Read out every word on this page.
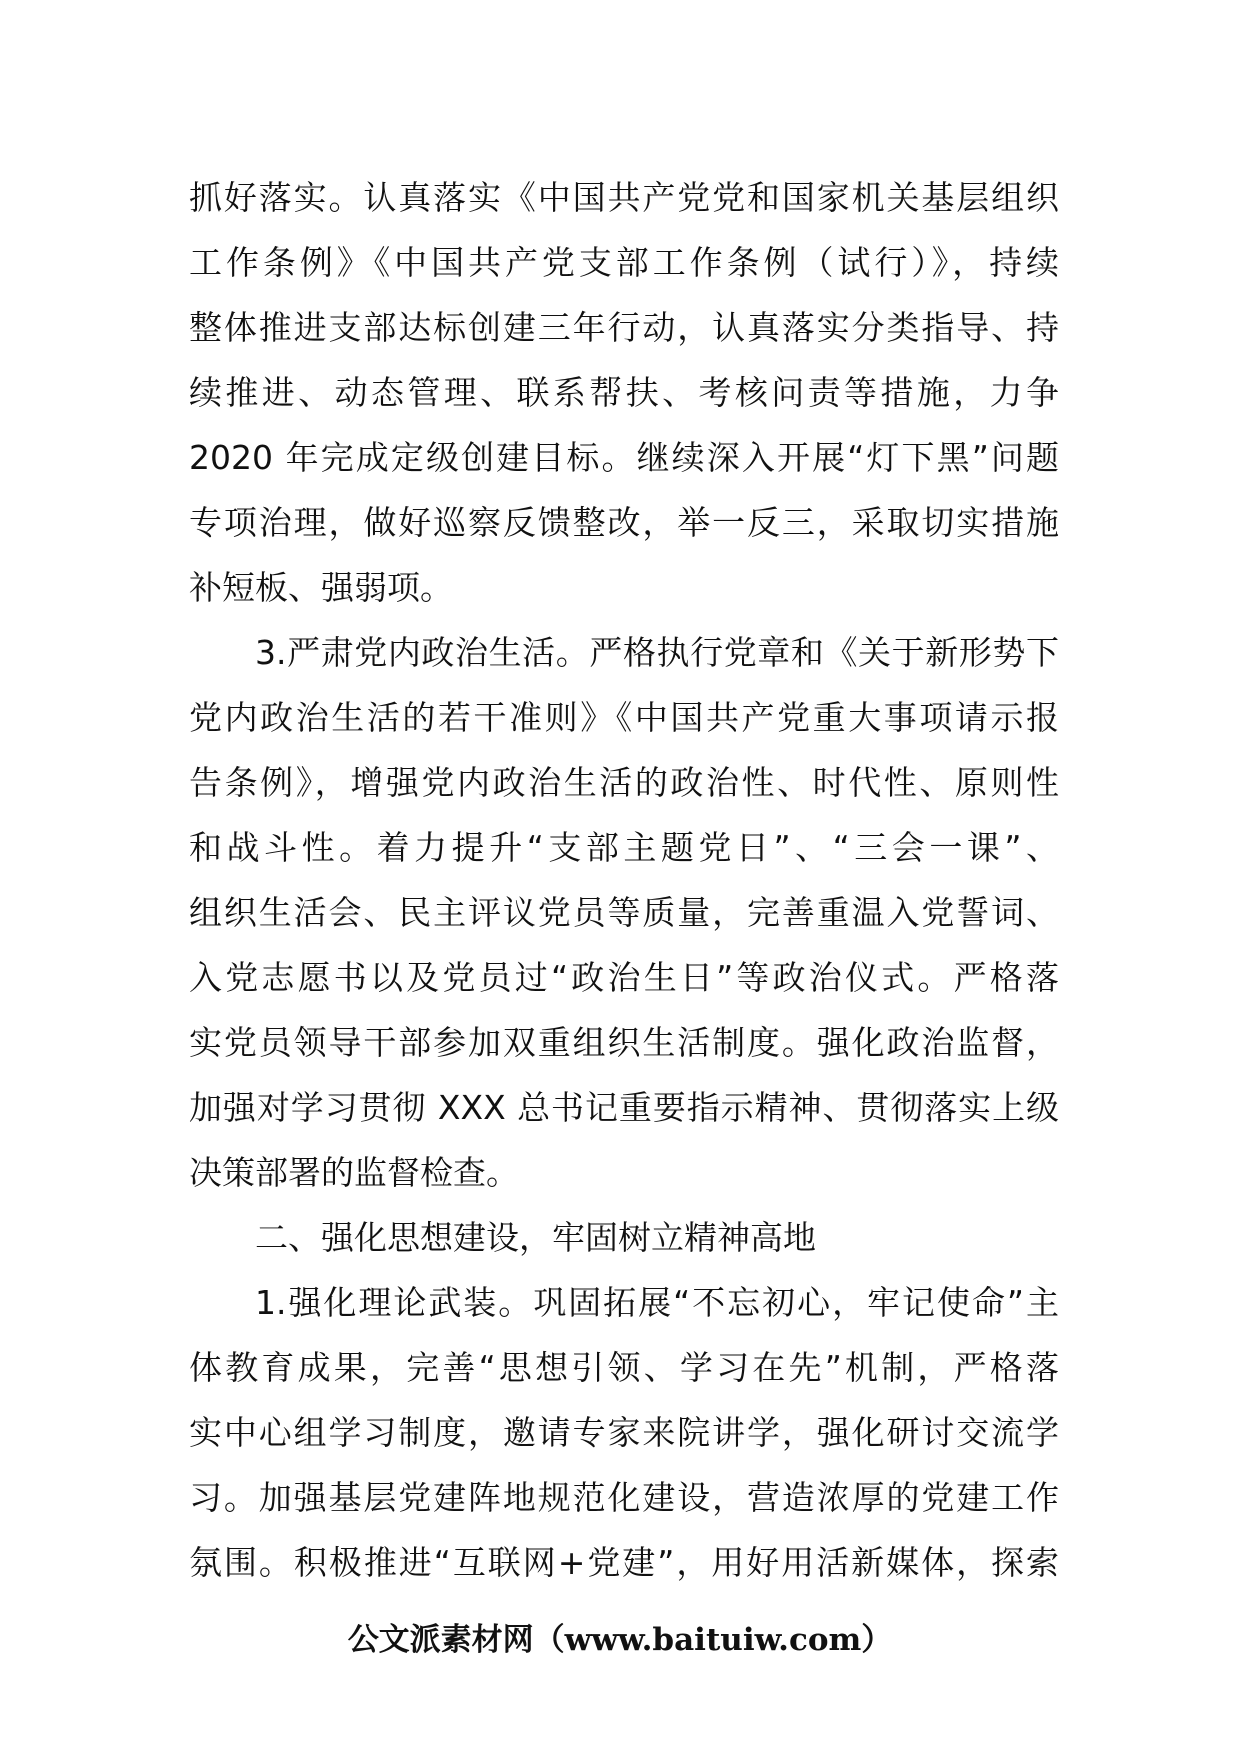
抓好落实。认真落实《中国共产党党和国家机关基层组织
工作条例》《中国共产党支部工作条例（试行）》，持续
整体推进支部达标创建三年行动，认真落实分类指导、持
续推进、动态管理、联系帮扶、考核问责等措施，力争
2020 年完成定级创建目标。继续深入开展“灯下黑”问题
专项治理，做好巡察反馈整改，举一反三，采取切实措施
补短板、强弱项。
3.严肃党内政治生活。严格执行党章和《关于新形势下
党内政治生活的若干准则》《中国共产党重大事项请示报
告条例》，增强党内政治生活的政治性、时代性、原则性
和战斗性。着力提升“支部主题党日”、“三会一课”、
组织生活会、民主评议党员等质量，完善重温入党誓词、
入党志愿书以及党员过“政治生日”等政治仪式。严格落
实党员领导干部参加双重组织生活制度。强化政治监督，
加强对学习贯彻 XXX 总书记重要指示精神、贯彻落实上级
决策部署的监督检查。
二、强化思想建设，牢固树立精神高地
1.强化理论武装。巩固拓展“不忘初心，牢记使命”主
体教育成果，完善“思想引领、学习在先”机制，严格落
实中心组学习制度，邀请专家来院讲学，强化研讨交流学
习。加强基层党建阵地规范化建设，营造浓厚的党建工作
氛围。积极推进“互联网+党建”，用好用活新媒体，探索
公文派素材网（www.baituiw.com）
